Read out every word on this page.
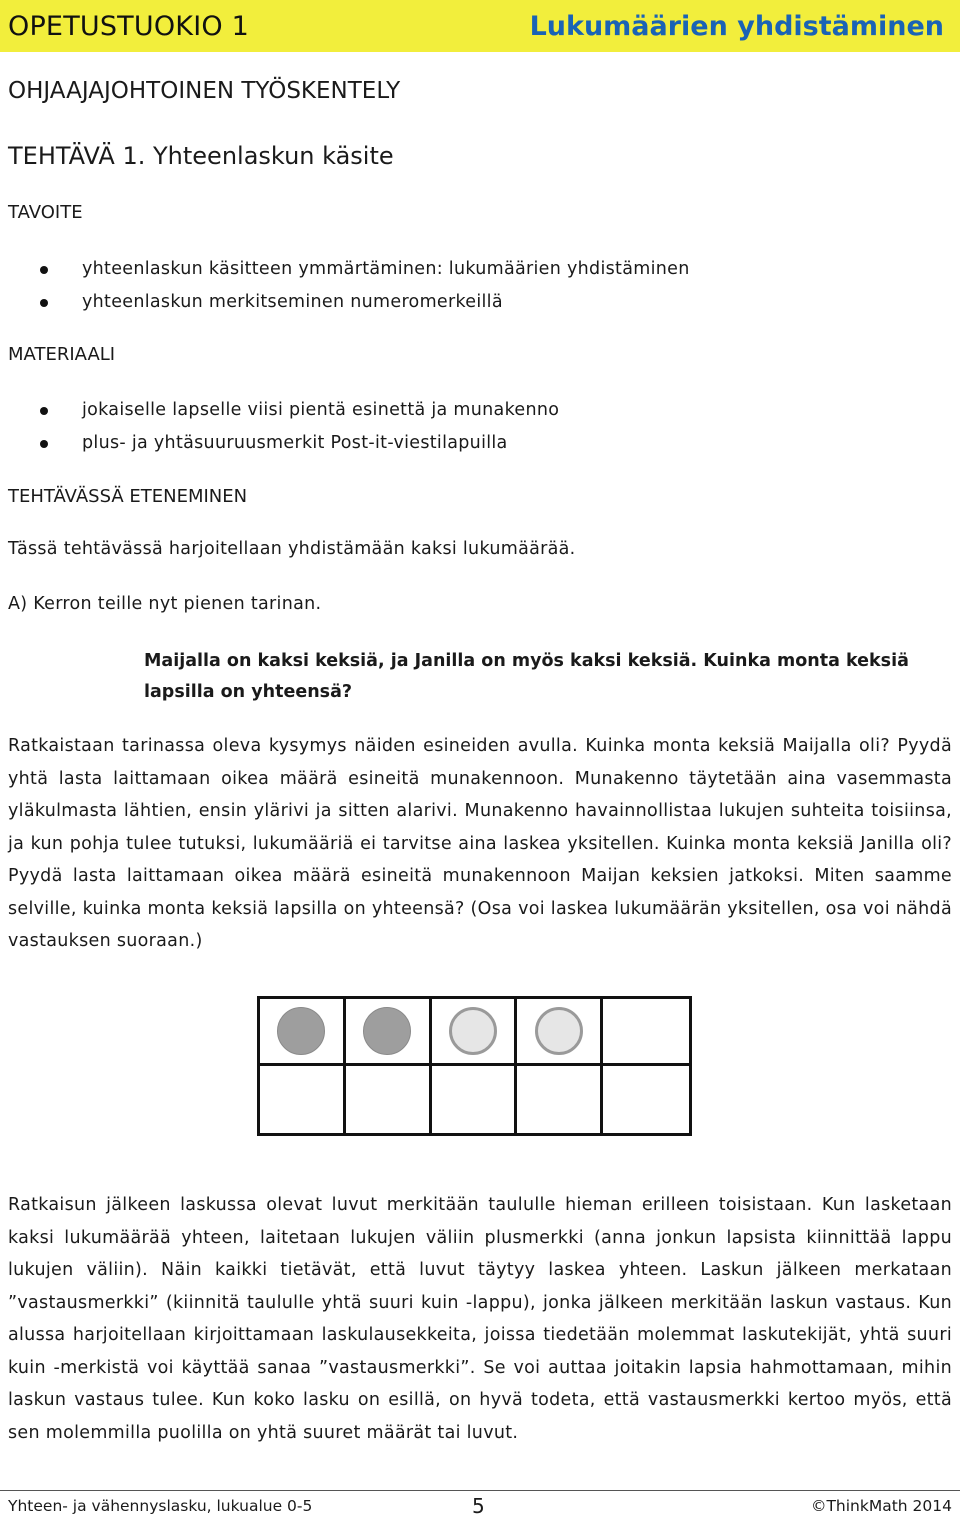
OPETUSTUOKIO 1	Lukumäärien yhdistäminen
OHJAAJAJOHTOINEN TYÖSKENTELY
TEHTÄVÄ 1. Yhteenlaskun käsite
TAVOITE
yhteenlaskun käsitteen ymmärtäminen: lukumäärien yhdistäminen
yhteenlaskun merkitseminen numeromerkeillä
MATERIAALI
jokaiselle lapselle viisi pientä esinettä ja munakenno
plus- ja yhtäsuuruusmerkit Post-it-viestilapuilla
TEHTÄVÄSSÄ ETENEMINEN
Tässä tehtävässä harjoitellaan yhdistämään kaksi lukumäärää.
A) Kerron teille nyt pienen tarinan.
Maijalla on kaksi keksiä, ja Janilla on myös kaksi keksiä. Kuinka monta keksiä lapsilla on yhteensä?
Ratkaistaan tarinassa oleva kysymys näiden esineiden avulla. Kuinka monta keksiä Maijalla oli? Pyydä yhtä lasta laittamaan oikea määrä esineitä munakennoon. Munakenno täytetään aina vasemmasta yläkulmasta lähtien, ensin ylärivi ja sitten alarivi. Munakenno havainnollistaa lukujen suhteita toisiinsa, ja kun pohja tulee tutuksi, lukumääriä ei tarvitse aina laskea yksitellen. Kuinka monta keksiä Janilla oli? Pyydä lasta laittamaan oikea määrä esineitä munakennoon Maijan keksien jatkoksi. Miten saamme selville, kuinka monta keksiä lapsilla on yhteensä? (Osa voi laskea lukumäärän yksitellen, osa voi nähdä vastauksen suoraan.)
Ratkaisun jälkeen laskussa olevat luvut merkitään taululle hieman erilleen toisistaan. Kun lasketaan kaksi lukumäärää yhteen, laitetaan lukujen väliin plusmerkki (anna jonkun lapsista kiinnittää lappu lukujen väliin). Näin kaikki tietävät, että luvut täytyy laskea yhteen. Laskun jälkeen merkataan ”vastausmerkki” (kiinnitä taululle yhtä suuri kuin -lappu), jonka jälkeen merkitään laskun vastaus. Kun alussa harjoitellaan kirjoittamaan laskulausekkeita, joissa tiedetään molemmat laskutekijät, yhtä suuri kuin -merkistä voi käyttää sanaa ”vastausmerkki”. Se voi auttaa joitakin lapsia hahmottamaan, mihin laskun vastaus tulee. Kun koko lasku on esillä, on hyvä todeta, että vastausmerkki kertoo myös, että sen molemmilla puolilla on yhtä suuret määrät tai luvut.
Yhteen- ja vähennyslasku, lukualue 0-5	5	©ThinkMath 2014
